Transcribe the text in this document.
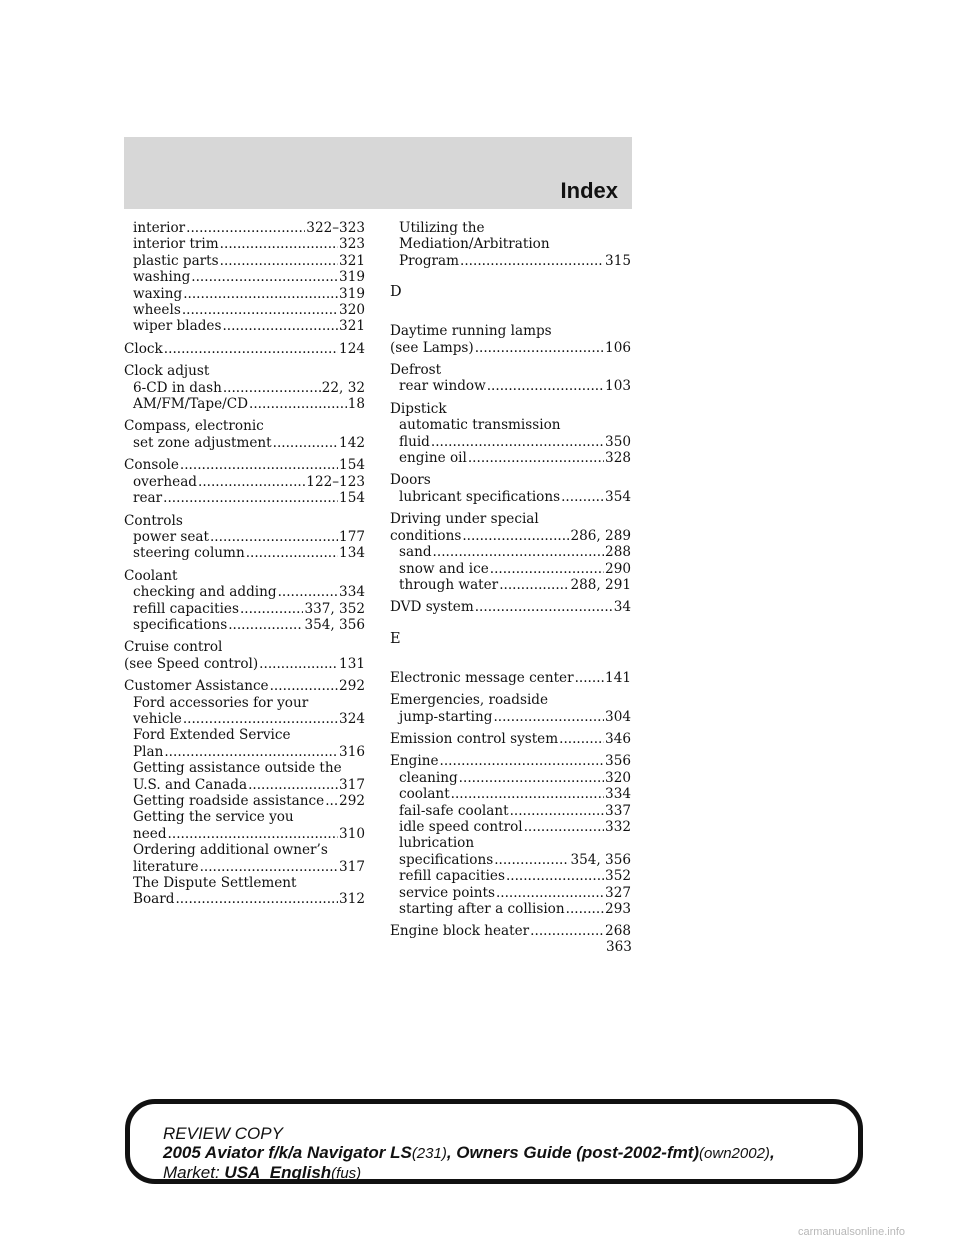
Index
interior .....	322–323
interior trim .....	323
plastic parts .....	321
washing .....	319
waxing .....	319
wheels .....	320
wiper blades .....	321
Clock .....	124
Clock adjust
6-CD in dash .....	22, 32
AM/FM/Tape/CD .....	18
Compass, electronic
set zone adjustment .....	142
Console .....	154
overhead .....	122–123
rear .....	154
Controls
power seat .....	177
steering column .....	134
Coolant
checking and adding .....	334
refill capacities .....	337, 352
specifications .....	354, 356
Cruise control
(see Speed control) .....	131
Customer Assistance .....	292
Ford accessories for your
vehicle .....	324
Ford Extended Service
Plan .....	316
Getting assistance outside the
U.S. and Canada .....	317
Getting roadside assistance ..... 292
Getting the service you
need .....	310
Ordering additional owner’s
literature .....	317
The Dispute Settlement
Board .....	312
Utilizing the
Mediation/Arbitration
Program .....	315
D
Daytime running lamps
(see Lamps) .....	106
Defrost
rear window .....	103
Dipstick
automatic transmission
fluid .....	350
engine oil .....	328
Doors
lubricant specifications .....	354
Driving under special
conditions .....	286, 289
sand .....	288
snow and ice .....	290
through water .....	288, 291
DVD system .....	34
E
Electronic message center ..... 141
Emergencies, roadside
jump-starting .....	304
Emission control system .....	346
Engine .....	356
cleaning .....	320
coolant .....	334
fail-safe coolant .....	337
idle speed control .....	332
lubrication
specifications .....	354, 356
refill capacities .....	352
service points .....	327
starting after a collision .....	293
Engine block heater .....	268
363
REVIEW COPY
2005 Aviator f/k/a Navigator LS(231), Owners Guide (post-2002-fmt)(own2002),
Market: USA_English(fus)
carmanualsonline.info
